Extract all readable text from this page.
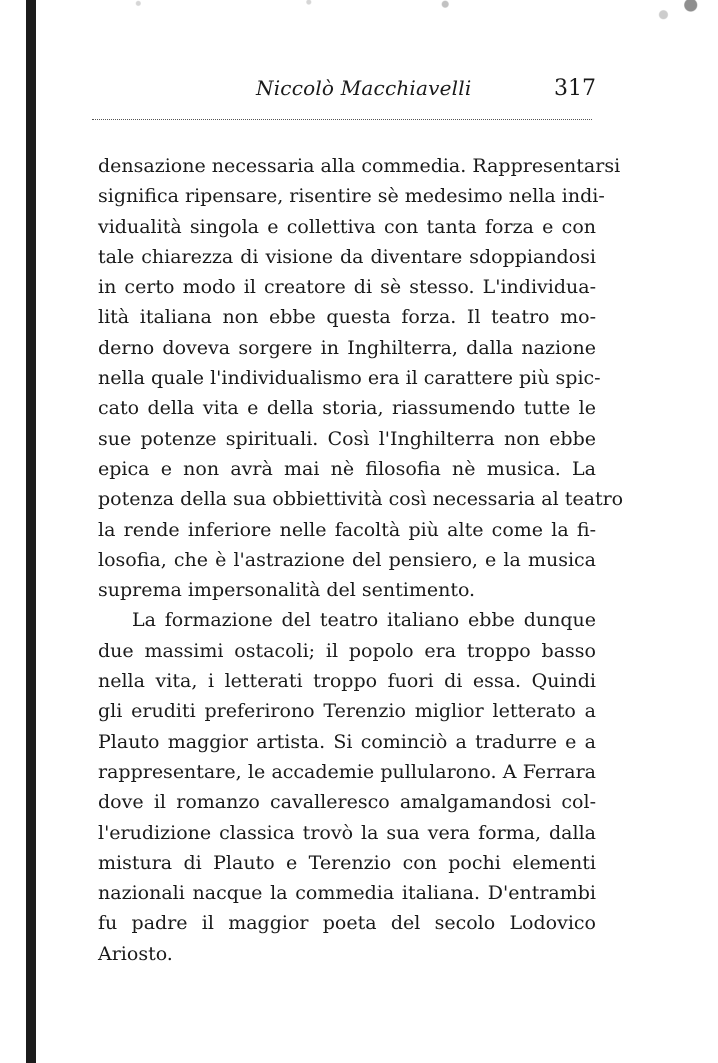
Niccolò Macchiavelli	317
densazione necessaria alla commedia. Rappresentarsi
significa ripensare, risentire sè medesimo nella indi-
vidualità singola e collettiva con tanta forza e con
tale chiarezza di visione da diventare sdoppiandosi
in certo modo il creatore di sè stesso. L'individua-
lità italiana non ebbe questa forza. Il teatro mo-
derno doveva sorgere in Inghilterra, dalla nazione
nella quale l'individualismo era il carattere più spic-
cato della vita e della storia, riassumendo tutte le
sue potenze spirituali. Così l'Inghilterra non ebbe
epica e non avrà mai nè filosofia nè musica. La
potenza della sua obbiettività così necessaria al teatro
la rende inferiore nelle facoltà più alte come la fi-
losofia, che è l'astrazione del pensiero, e la musica
suprema impersonalità del sentimento.
La formazione del teatro italiano ebbe dunque
due massimi ostacoli; il popolo era troppo basso
nella vita, i letterati troppo fuori di essa. Quindi
gli eruditi preferirono Terenzio miglior letterato a
Plauto maggior artista. Si cominciò a tradurre e a
rappresentare, le accademie pullularono. A Ferrara
dove il romanzo cavalleresco amalgamandosi col-
l'erudizione classica trovò la sua vera forma, dalla
mistura di Plauto e Terenzio con pochi elementi
nazionali nacque la commedia italiana. D'entrambi
fu padre il maggior poeta del secolo Lodovico
Ariosto.
